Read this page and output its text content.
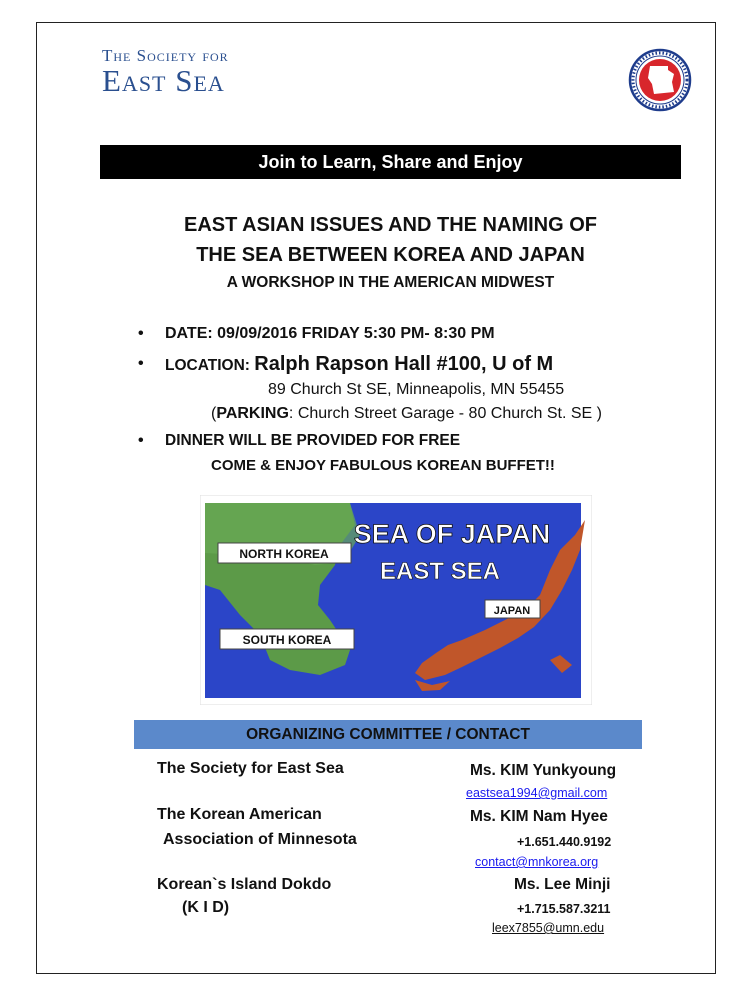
The Society for
East Sea
Join to Learn, Share and Enjoy
EAST ASIAN ISSUES AND THE NAMING OF
THE SEA BETWEEN KOREA AND JAPAN
A WORKSHOP IN THE AMERICAN MIDWEST
• DATE: 09/09/2016 FRIDAY 5:30 PM- 8:30 PM
• LOCATION: Ralph Rapson Hall #100, U of M
89 Church St SE, Minneapolis, MN 55455
(PARKING: Church Street Garage - 80 Church St. SE )
• DINNER WILL BE PROVIDED FOR FREE
COME & ENJOY FABULOUS KOREAN BUFFET!!
NORTH KOREA
SOUTH KOREA
JAPAN
SEA OF JAPAN
EAST SEA
ORGANIZING COMMITTEE / CONTACT
The Society for East Sea	Ms. KIM Yunkyoung
eastsea1994@gmail.com
The Korean American
Association of Minnesota
Ms. KIM Nam Hyee
+1.651.440.9192
contact@mnkorea.org
Korean`s Island Dokdo
(K I D)
Ms. Lee Minji
+1.715.587.3211
leex7855@umn.edu
